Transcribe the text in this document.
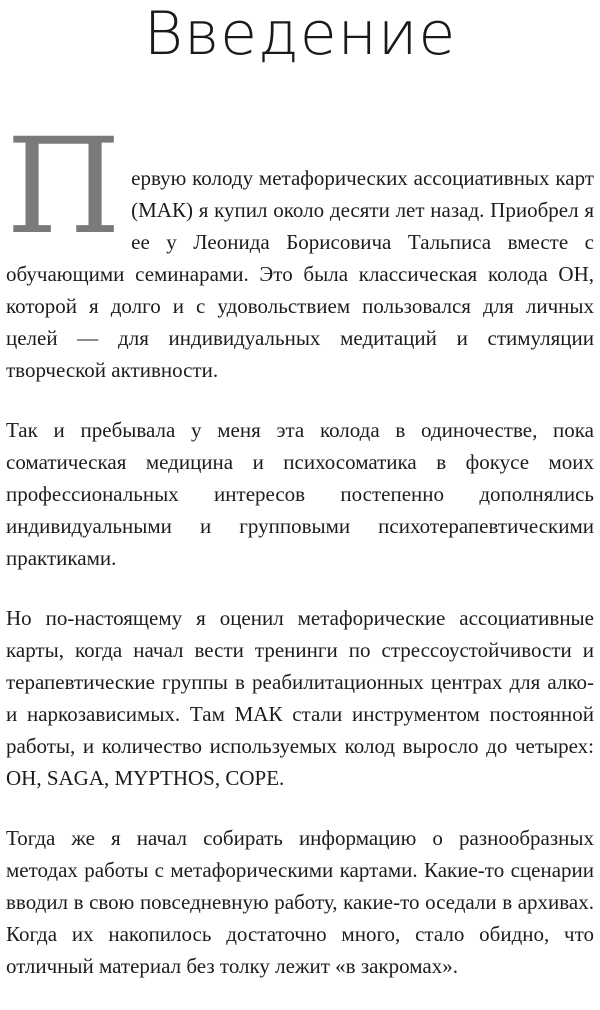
Введение

Первую колоду метафорических ассоциативных карт (МАК) я купил около десяти лет назад. Приобрел я ее у Леонида Борисовича Тальписа вместе с обучающими семинарами. Это была классическая колода ОН, которой я долго и с удовольствием пользовался для личных целей — для индивидуальных медитаций и стимуляции творческой активности.

Так и пребывала у меня эта колода в одиночестве, пока соматическая медицина и психосоматика в фокусе моих профессиональных интересов постепенно дополнялись индивидуальными и групповыми психотерапевтическими практиками.

Но по-настоящему я оценил метафорические ассоциативные карты, когда начал вести тренинги по стрессоустойчивости и терапевтические группы в реабилитационных центрах для алко- и наркозависимых. Там МАК стали инструментом постоянной работы, и количество используемых колод выросло до четырех: OH, SAGA, MYPTHOS, COPE.

Тогда же я начал собирать информацию о разнообразных методах работы с метафорическими картами. Какие-то сценарии вводил в свою повседневную работу, какие-то оседали в архивах. Когда их накопилось достаточно много, стало обидно, что отличный материал без толку лежит «в закромах».
